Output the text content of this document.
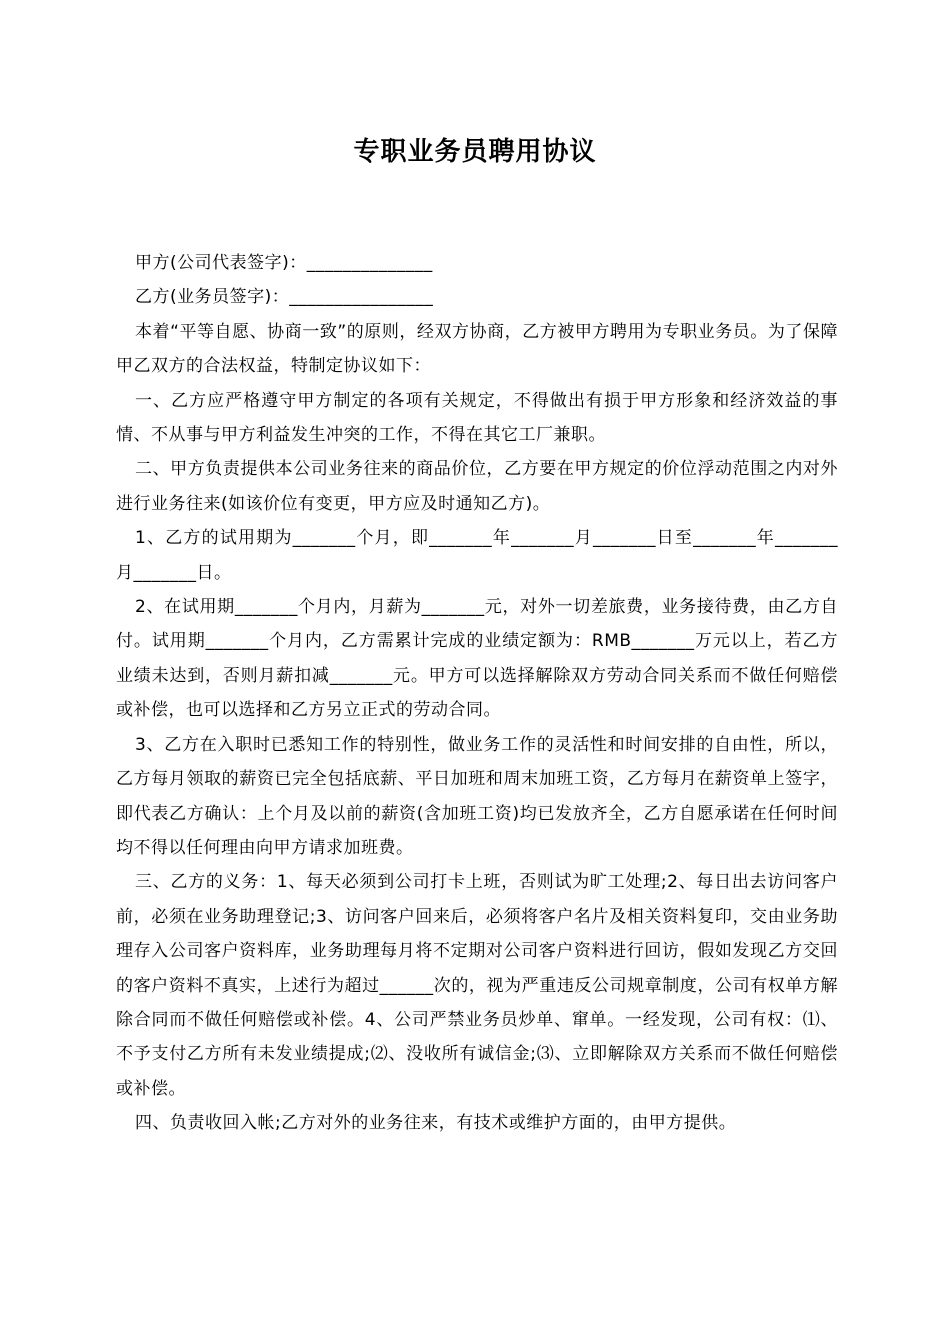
专职业务员聘用协议

甲方(公司代表签字)：______________

乙方(业务员签字)：________________

本着“平等自愿、协商一致”的原则，经双方协商，乙方被甲方聘用为专职业务员。为了保障甲乙双方的合法权益，特制定协议如下：

一、乙方应严格遵守甲方制定的各项有关规定，不得做出有损于甲方形象和经济效益的事情、不从事与甲方利益发生冲突的工作，不得在其它工厂兼职。

二、甲方负责提供本公司业务往来的商品价位，乙方要在甲方规定的价位浮动范围之内对外进行业务往来(如该价位有变更，甲方应及时通知乙方)。

1、乙方的试用期为_______个月，即_______年_______月_______日至_______年_______月_______日。

2、在试用期_______个月内，月薪为_______元，对外一切差旅费，业务接待费，由乙方自付。试用期_______个月内，乙方需累计完成的业绩定额为：RMB_______万元以上，若乙方业绩未达到，否则月薪扣减_______元。甲方可以选择解除双方劳动合同关系而不做任何赔偿或补偿，也可以选择和乙方另立正式的劳动合同。

3、乙方在入职时已悉知工作的特别性，做业务工作的灵活性和时间安排的自由性，所以，乙方每月领取的薪资已完全包括底薪、平日加班和周末加班工资，乙方每月在薪资单上签字，即代表乙方确认：上个月及以前的薪资(含加班工资)均已发放齐全，乙方自愿承诺在任何时间均不得以任何理由向甲方请求加班费。

三、乙方的义务：1、每天必须到公司打卡上班，否则试为旷工处理;2、每日出去访问客户前，必须在业务助理登记;3、访问客户回来后，必须将客户名片及相关资料复印，交由业务助理存入公司客户资料库，业务助理每月将不定期对公司客户资料进行回访，假如发现乙方交回的客户资料不真实，上述行为超过______次的，视为严重违反公司规章制度，公司有权单方解除合同而不做任何赔偿或补偿。4、公司严禁业务员炒单、窜单。一经发现，公司有权：⑴、不予支付乙方所有未发业绩提成;⑵、没收所有诚信金;⑶、立即解除双方关系而不做任何赔偿或补偿。

四、负责收回入帐;乙方对外的业务往来，有技术或维护方面的，由甲方提供。
